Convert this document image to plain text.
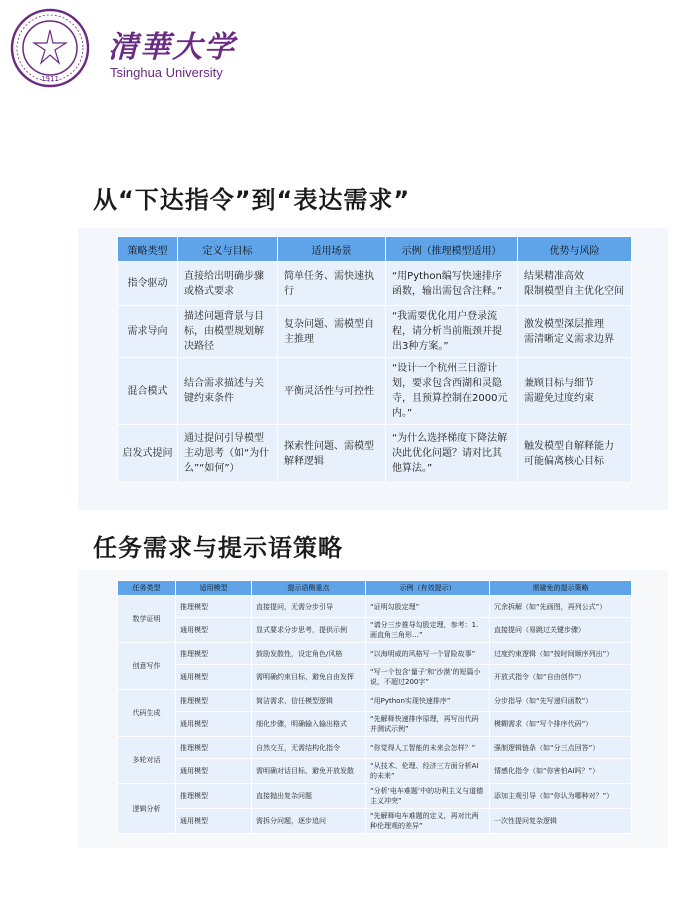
1911
清華大学
Tsinghua University
从“下达指令”到“表达需求”
策略类型	定义与目标	适用场景	示例（推理模型适用）	优势与风险
指令驱动	直接给出明确步骤或格式要求	简单任务、需快速执行	“用Python编写快速排序函数，输出需包含注释。”	结果精准高效
限制模型自主优化空间
需求导向	描述问题背景与目标，由模型规划解决路径	复杂问题、需模型自主推理	“我需要优化用户登录流程，请分析当前瓶颈并提出3种方案。”	激发模型深层推理
需清晰定义需求边界
混合模式	结合需求描述与关键约束条件	平衡灵活性与可控性	“设计一个杭州三日游计划，要求包含西湖和灵隐寺，且预算控制在2000元内。”	兼顾目标与细节
需避免过度约束
启发式提问	通过提问引导模型主动思考（如“为什么”“如何”）	探索性问题、需模型解释逻辑	“为什么选择梯度下降法解决此优化问题？请对比其他算法。”	触发模型自解释能力
可能偏离核心目标
任务需求与提示语策略
任务类型	适用模型	提示语侧重点	示例（有效提示）	需避免的提示策略
数学证明	推理模型	直接提问，无需分步引导	“证明勾股定理”	冗余拆解（如“先画图，再列公式”）
	通用模型	显式要求分步思考，提供示例	“请分三步推导勾股定理，参考：1.画直角三角形…”	直接提问（易跳过关键步骤）
创意写作	推理模型	鼓励发散性，设定角色/风格	“以海明威的风格写一个冒险故事”	过度约束逻辑（如“按时间顺序列出”）
	通用模型	需明确约束目标，避免自由发挥	“写一个包含‘量子’和‘沙漠’的短篇小说，不超过200字”	开放式指令（如“自由创作”）
代码生成	推理模型	简洁需求，信任模型逻辑	“用Python实现快速排序”	分步指导（如“先写递归函数”）
	通用模型	细化步骤，明确输入输出格式	“先解释快速排序原理，再写出代码并测试示例”	模糊需求（如“写个排序代码”）
多轮对话	推理模型	自然交互，无需结构化指令	“你觉得人工智能的未来会怎样？”	强制逻辑链条（如“分三点回答”）
	通用模型	需明确对话目标，避免开放发散	“从技术、伦理、经济三方面分析AI的未来”	情感化指令（如“你害怕AI吗？”）
逻辑分析	推理模型	直接抛出复杂问题	“分析‘电车难题’中的功利主义与道德主义冲突”	添加主观引导（如“你认为哪种对？”）
	通用模型	需拆分问题，逐步追问	“先解释电车难题的定义，再对比两种伦理观的差异”	一次性提问复杂逻辑
